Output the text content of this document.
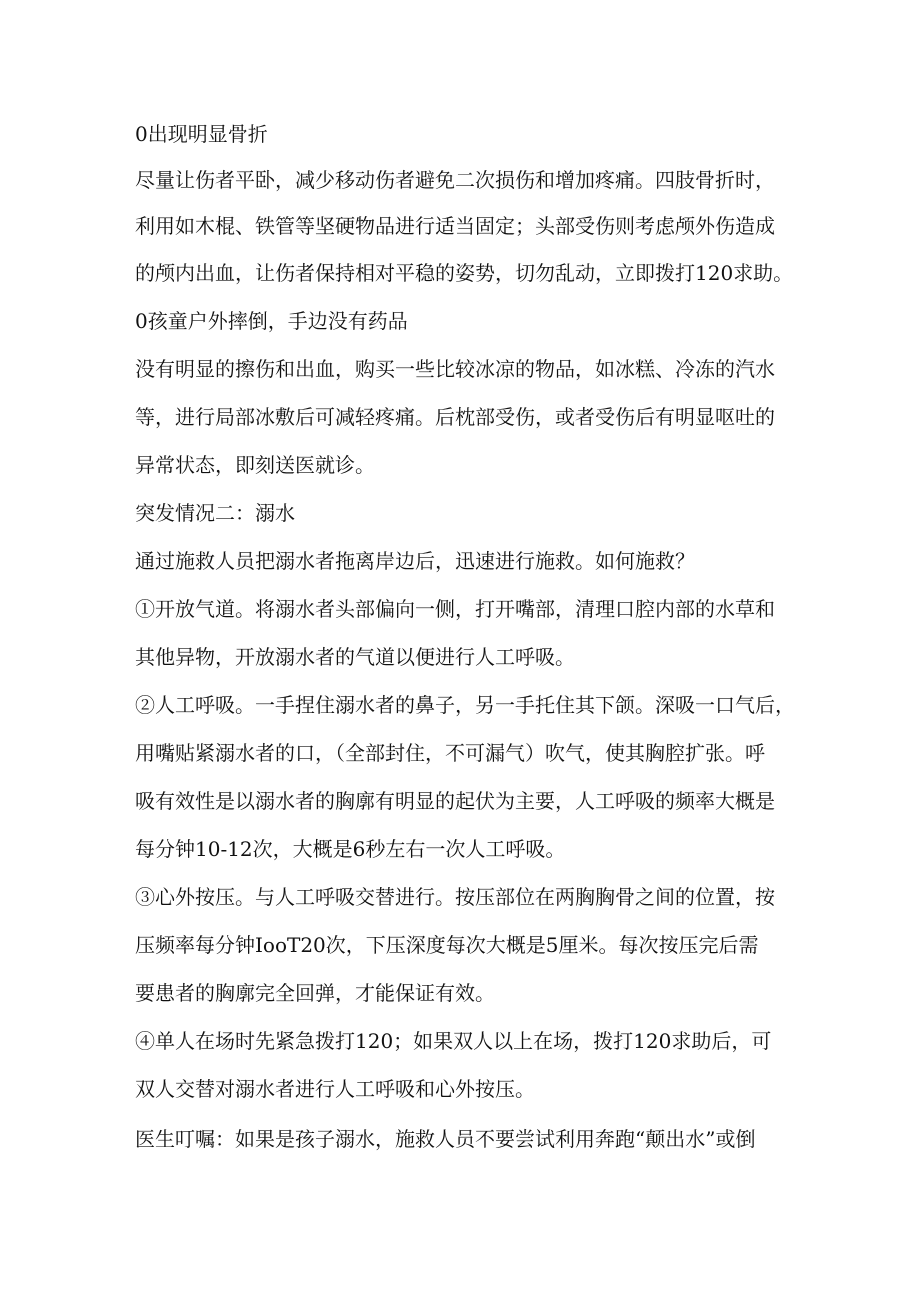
0出现明显骨折
尽量让伤者平卧，减少移动伤者避免二次损伤和增加疼痛。四肢骨折时，
利用如木棍、铁管等坚硬物品进行适当固定；头部受伤则考虑颅外伤造成
的颅内出血，让伤者保持相对平稳的姿势，切勿乱动，立即拨打120求助。
0孩童户外摔倒，手边没有药品
没有明显的擦伤和出血，购买一些比较冰凉的物品，如冰糕、冷冻的汽水
等，进行局部冰敷后可减轻疼痛。后枕部受伤，或者受伤后有明显呕吐的
异常状态，即刻送医就诊。
突发情况二：溺水
通过施救人员把溺水者拖离岸边后，迅速进行施救。如何施救？
①开放气道。将溺水者头部偏向一侧，打开嘴部，清理口腔内部的水草和
其他异物，开放溺水者的气道以便进行人工呼吸。
②人工呼吸。一手捏住溺水者的鼻子，另一手托住其下颌。深吸一口气后，
用嘴贴紧溺水者的口，（全部封住，不可漏气）吹气，使其胸腔扩张。呼
吸有效性是以溺水者的胸廓有明显的起伏为主要，人工呼吸的频率大概是
每分钟10-12次，大概是6秒左右一次人工呼吸。
③心外按压。与人工呼吸交替进行。按压部位在两胸胸骨之间的位置，按
压频率每分钟IooT20次，下压深度每次大概是5厘米。每次按压完后需
要患者的胸廓完全回弹，才能保证有效。
④单人在场时先紧急拨打120；如果双人以上在场，拨打120求助后，可
双人交替对溺水者进行人工呼吸和心外按压。
医生叮嘱：如果是孩子溺水，施救人员不要尝试利用奔跑“颠出水”或倒
